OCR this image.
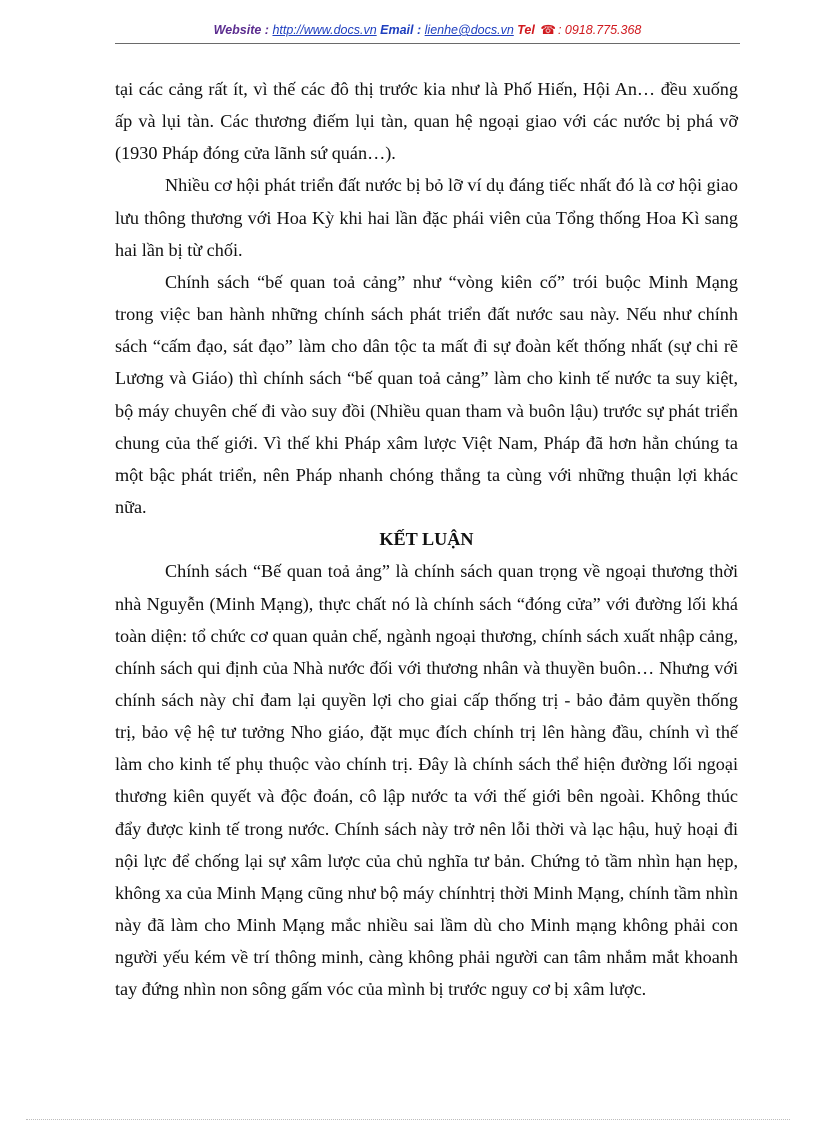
Website : http://www.docs.vn Email : lienhe@docs.vn Tel ☎ : 0918.775.368

tại các cảng rất ít, vì thế các đô thị trước kia như là Phố Hiến, Hội An… đều xuống ấp và lụi tàn. Các thương điếm lụi tàn, quan hệ ngoại giao với các nước bị phá vỡ (1930 Pháp đóng cửa lãnh sứ quán…).

Nhiều cơ hội phát triển đất nước bị bỏ lỡ ví dụ đáng tiếc nhất đó là cơ hội giao lưu thông thương với Hoa Kỳ khi hai lần đặc phái viên của Tổng thống Hoa Kì sang hai lần bị từ chối.

Chính sách “bế quan toả cảng” như “vòng kiên cố” trói buộc Minh Mạng trong việc ban hành những chính sách phát triển đất nước sau này. Nếu như chính sách “cấm đạo, sát đạo” làm cho dân tộc ta mất đi sự đoàn kết thống nhất (sự chi rẽ Lương và Giáo) thì chính sách “bế quan toả cảng” làm cho kinh tế nước ta suy kiệt, bộ máy chuyên chế đi vào suy đồi (Nhiều quan tham và buôn lậu) trước sự phát triển chung của thế giới. Vì thế khi Pháp xâm lược Việt Nam, Pháp đã hơn hẳn chúng ta một bậc phát triển, nên Pháp nhanh chóng thắng ta cùng với những thuận lợi khác nữa.

KẾT LUẬN

Chính sách “Bế quan toả ảng” là chính sách quan trọng về ngoại thương thời nhà Nguyễn (Minh Mạng), thực chất nó là chính sách “đóng cửa” với đường lối khá toàn diện: tổ chức cơ quan quản chế, ngành ngoại thương, chính sách xuất nhập cảng, chính sách qui định của Nhà nước đối với thương nhân và thuyền buôn… Nhưng với chính sách này chỉ đam lại quyền lợi cho giai cấp thống trị - bảo đảm quyền thống trị, bảo vệ hệ tư tưởng Nho giáo, đặt mục đích chính trị lên hàng đầu, chính vì thế làm cho kinh tế phụ thuộc vào chính trị. Đây là chính sách thể hiện đường lối ngoại thương kiên quyết và độc đoán, cô lập nước ta với thế giới bên ngoài. Không thúc đẩy được kinh tế trong nước. Chính sách này trở nên lỗi thời và lạc hậu, huỷ hoại đi nội lực để chống lại sự xâm lược của chủ nghĩa tư bản. Chứng tỏ tầm nhìn hạn hẹp, không xa của Minh Mạng cũng như bộ máy chínhtrị thời Minh Mạng, chính tầm nhìn này đã làm cho Minh Mạng mắc nhiều sai lầm dù cho Minh mạng không phải con người yếu kém về trí thông minh, càng không phải người can tâm nhắm mắt khoanh tay đứng nhìn non sông gấm vóc của mình bị trước nguy cơ bị xâm lược.
